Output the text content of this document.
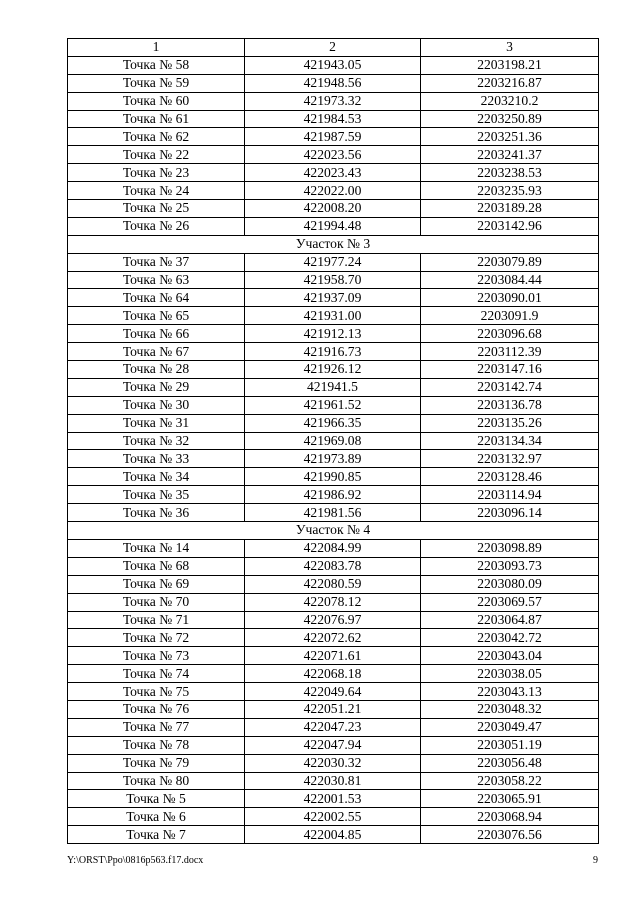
1	2	3
Точка № 58	421943.05	2203198.21
Точка № 59	421948.56	2203216.87
Точка № 60	421973.32	2203210.2
Точка № 61	421984.53	2203250.89
Точка № 62	421987.59	2203251.36
Точка № 22	422023.56	2203241.37
Точка № 23	422023.43	2203238.53
Точка № 24	422022.00	2203235.93
Точка № 25	422008.20	2203189.28
Точка № 26	421994.48	2203142.96
Участок № 3		
Точка № 37	421977.24	2203079.89
Точка № 63	421958.70	2203084.44
Точка № 64	421937.09	2203090.01
Точка № 65	421931.00	2203091.9
Точка № 66	421912.13	2203096.68
Точка № 67	421916.73	2203112.39
Точка № 28	421926.12	2203147.16
Точка № 29	421941.5	2203142.74
Точка № 30	421961.52	2203136.78
Точка № 31	421966.35	2203135.26
Точка № 32	421969.08	2203134.34
Точка № 33	421973.89	2203132.97
Точка № 34	421990.85	2203128.46
Точка № 35	421986.92	2203114.94
Точка № 36	421981.56	2203096.14
Участок № 4		
Точка № 14	422084.99	2203098.89
Точка № 68	422083.78	2203093.73
Точка № 69	422080.59	2203080.09
Точка № 70	422078.12	2203069.57
Точка № 71	422076.97	2203064.87
Точка № 72	422072.62	2203042.72
Точка № 73	422071.61	2203043.04
Точка № 74	422068.18	2203038.05
Точка № 75	422049.64	2203043.13
Точка № 76	422051.21	2203048.32
Точка № 77	422047.23	2203049.47
Точка № 78	422047.94	2203051.19
Точка № 79	422030.32	2203056.48
Точка № 80	422030.81	2203058.22
Точка № 5	422001.53	2203065.91
Точка № 6	422002.55	2203068.94
Точка № 7	422004.85	2203076.56
Y:\ORST\Ppo\0816p563.f17.docx	9
